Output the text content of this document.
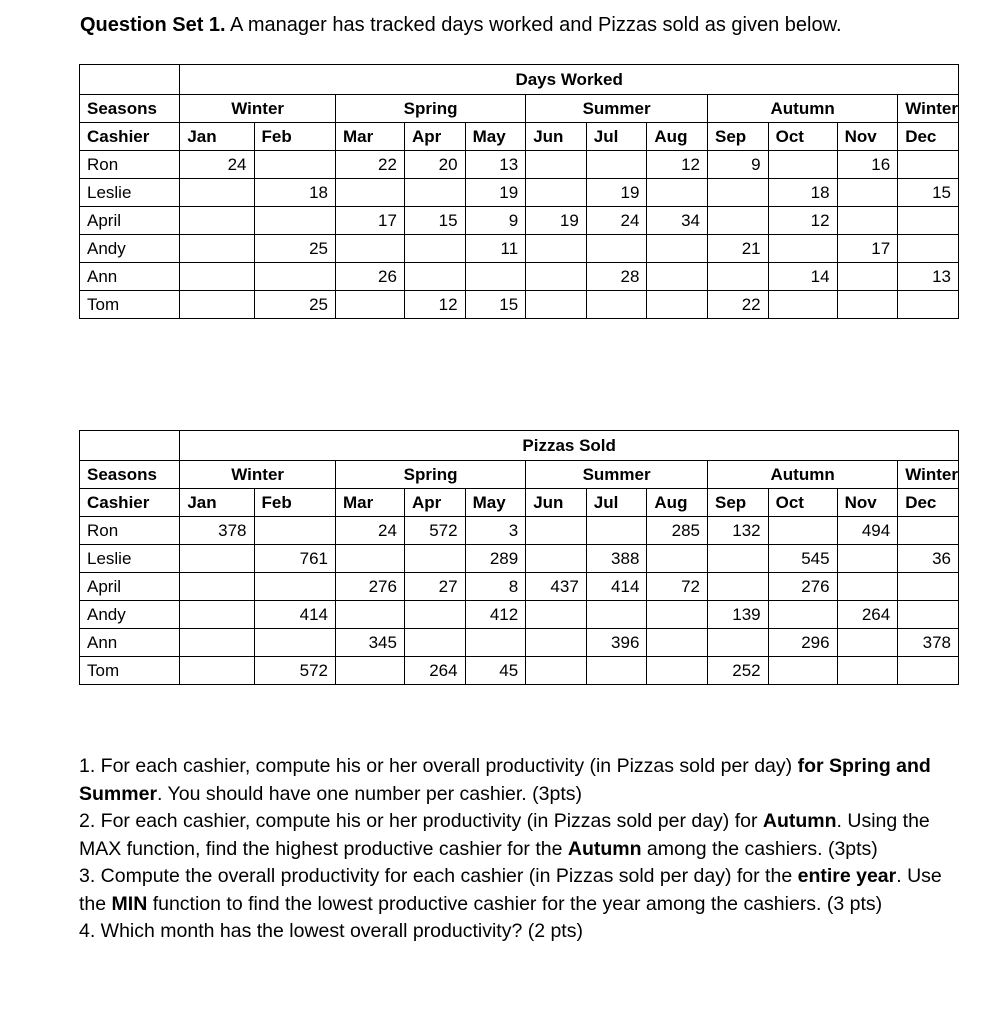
Question Set 1. A manager has tracked days worked and Pizzas sold as given below.
	Days Worked											
Seasons	Winter		Spring			Summer			Autumn			Winter
Cashier	Jan	Feb	Mar	Apr	May	Jun	Jul	Aug	Sep	Oct	Nov	Dec
Ron	24		22	20	13			12	9		16	
Leslie		18			19		19			18		15
April			17	15	9	19	24	34		12		
Andy		25			11				21		17	
Ann			26				28			14		13
Tom		25		12	15				22			
	Pizzas Sold											
Seasons	Winter		Spring			Summer			Autumn			Winter
Cashier	Jan	Feb	Mar	Apr	May	Jun	Jul	Aug	Sep	Oct	Nov	Dec
Ron	378		24	572	3			285	132		494	
Leslie		761			289		388			545		36
April			276	27	8	437	414	72		276		
Andy		414			412				139		264	
Ann			345				396			296		378
Tom		572		264	45				252			

1. For each cashier, compute his or her overall productivity (in Pizzas sold per day) for Spring and Summer. You should have one number per cashier. (3pts)

2. For each cashier, compute his or her productivity (in Pizzas sold per day) for Autumn. Using the MAX function, find the highest productive cashier for the Autumn among the cashiers. (3pts)

3. Compute the overall productivity for each cashier (in Pizzas sold per day) for the entire year. Use the MIN function to find the lowest productive cashier for the year among the cashiers. (3 pts)

4. Which month has the lowest overall productivity? (2 pts)
